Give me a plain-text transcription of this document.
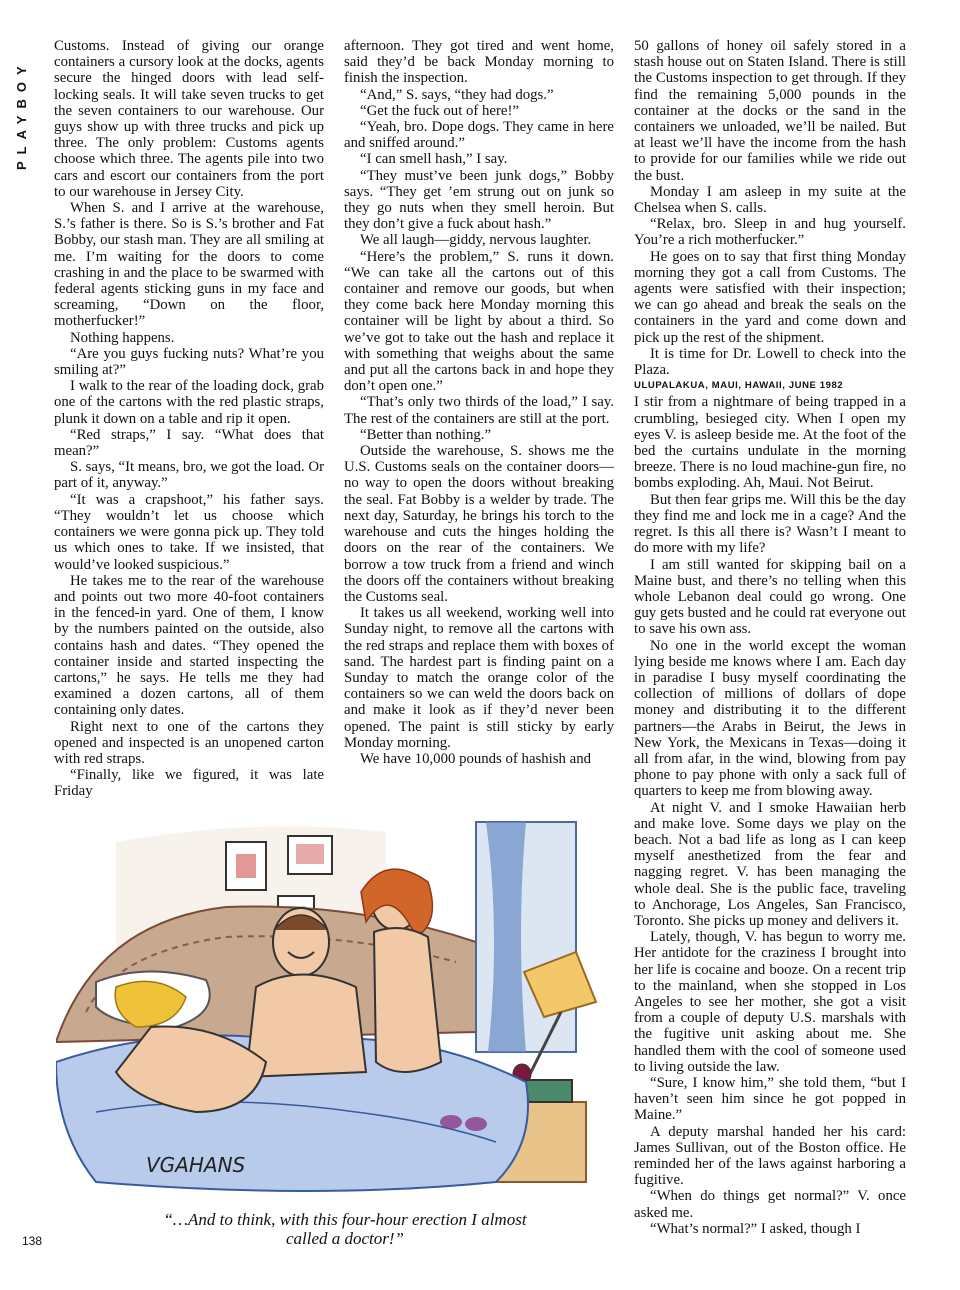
PLAYBOY

Customs. Instead of giving our orange containers a cursory look at the docks, agents secure the hinged doors with lead self-locking seals. It will take seven trucks to get the seven containers to our warehouse. Our guys show up with three trucks and pick up three. The only problem: Customs agents choose which three. The agents pile into two cars and escort our containers from the port to our warehouse in Jersey City.

When S. and I arrive at the warehouse, S.’s father is there. So is S.’s brother and Fat Bobby, our stash man. They are all smiling at me. I’m waiting for the doors to come crashing in and the place to be swarmed with federal agents sticking guns in my face and screaming, “Down on the floor, motherfucker!”

Nothing happens.

“Are you guys fucking nuts? What’re you smiling at?”

I walk to the rear of the loading dock, grab one of the cartons with the red plastic straps, plunk it down on a table and rip it open.

“Red straps,” I say. “What does that mean?”

S. says, “It means, bro, we got the load. Or part of it, anyway.”

“It was a crapshoot,” his father says. “They wouldn’t let us choose which containers we were gonna pick up. They told us which ones to take. If we insisted, that would’ve looked suspicious.”

He takes me to the rear of the warehouse and points out two more 40-foot containers in the fenced-in yard. One of them, I know by the numbers painted on the outside, also contains hash and dates. “They opened the container inside and started inspecting the cartons,” he says. He tells me they had examined a dozen cartons, all of them containing only dates.

Right next to one of the cartons they opened and inspected is an unopened carton with red straps.

“Finally, like we figured, it was late Friday

afternoon. They got tired and went home, said they’d be back Monday morning to finish the inspection.

“And,” S. says, “they had dogs.”

“Get the fuck out of here!”

“Yeah, bro. Dope dogs. They came in here and sniffed around.”

“I can smell hash,” I say.

“They must’ve been junk dogs,” Bobby says. “They get ’em strung out on junk so they go nuts when they smell heroin. But they don’t give a fuck about hash.”

We all laugh—giddy, nervous laughter.

“Here’s the problem,” S. runs it down. “We can take all the cartons out of this container and remove our goods, but when they come back here Monday morning this container will be light by about a third. So we’ve got to take out the hash and replace it with something that weighs about the same and put all the cartons back in and hope they don’t open one.”

“That’s only two thirds of the load,” I say. The rest of the containers are still at the port.

“Better than nothing.”

Outside the warehouse, S. shows me the U.S. Customs seals on the container doors—no way to open the doors without breaking the seal. Fat Bobby is a welder by trade. The next day, Saturday, he brings his torch to the warehouse and cuts the hinges holding the doors on the rear of the containers. We borrow a tow truck from a friend and winch the doors off the containers without breaking the Customs seal.

It takes us all weekend, working well into Sunday night, to remove all the cartons with the red straps and replace them with boxes of sand. The hardest part is finding paint on a Sunday to match the orange color of the containers so we can weld the doors back on and make it look as if they’d never been opened. The paint is still sticky by early Monday morning.

We have 10,000 pounds of hashish and

50 gallons of honey oil safely stored in a stash house out on Staten Island. There is still the Customs inspection to get through. If they find the remaining 5,000 pounds in the container at the docks or the sand in the containers we unloaded, we’ll be nailed. But at least we’ll have the income from the hash to provide for our families while we ride out the bust.

Monday I am asleep in my suite at the Chelsea when S. calls.

“Relax, bro. Sleep in and hug yourself. You’re a rich motherfucker.”

He goes on to say that first thing Monday morning they got a call from Customs. The agents were satisfied with their inspection; we can go ahead and break the seals on the containers in the yard and come down and pick up the rest of the shipment.

It is time for Dr. Lowell to check into the Plaza.

ULUPALAKUA, MAUI, HAWAII, JUNE 1982

I stir from a nightmare of being trapped in a crumbling, besieged city. When I open my eyes V. is asleep beside me. At the foot of the bed the curtains undulate in the morning breeze. There is no loud machine-gun fire, no bombs exploding. Ah, Maui. Not Beirut.

But then fear grips me. Will this be the day they find me and lock me in a cage? And the regret. Is this all there is? Wasn’t I meant to do more with my life?

I am still wanted for skipping bail on a Maine bust, and there’s no telling when this whole Lebanon deal could go wrong. One guy gets busted and he could rat everyone out to save his own ass.

No one in the world except the woman lying beside me knows where I am. Each day in paradise I busy myself coordinating the collection of millions of dollars of dope money and distributing it to the different partners—the Arabs in Beirut, the Jews in New York, the Mexicans in Texas—doing it all from afar, in the wind, blowing from pay phone to pay phone with only a sack full of quarters to keep me from blowing away.

At night V. and I smoke Hawaiian herb and make love. Some days we play on the beach. Not a bad life as long as I can keep myself anesthetized from the fear and nagging regret. V. has been managing the whole deal. She is the public face, traveling to Anchorage, Los Angeles, San Francisco, Toronto. She picks up money and delivers it.

Lately, though, V. has begun to worry me. Her antidote for the craziness I brought into her life is cocaine and booze. On a recent trip to the mainland, when she stopped in Los Angeles to see her mother, she got a visit from a couple of deputy U.S. marshals with the fugitive unit asking about me. She handled them with the cool of someone used to living outside the law.

“Sure, I know him,” she told them, “but I haven’t seen him since he got popped in Maine.”

A deputy marshal handed her his card: James Sullivan, out of the Boston office. He reminded her of the laws against harboring a fugitive.

“When do things get normal?” V. once asked me.

“What’s normal?” I asked, though I

VGAHANS
“…And to think, with this four-hour erection I almost
called a doctor!”
138
